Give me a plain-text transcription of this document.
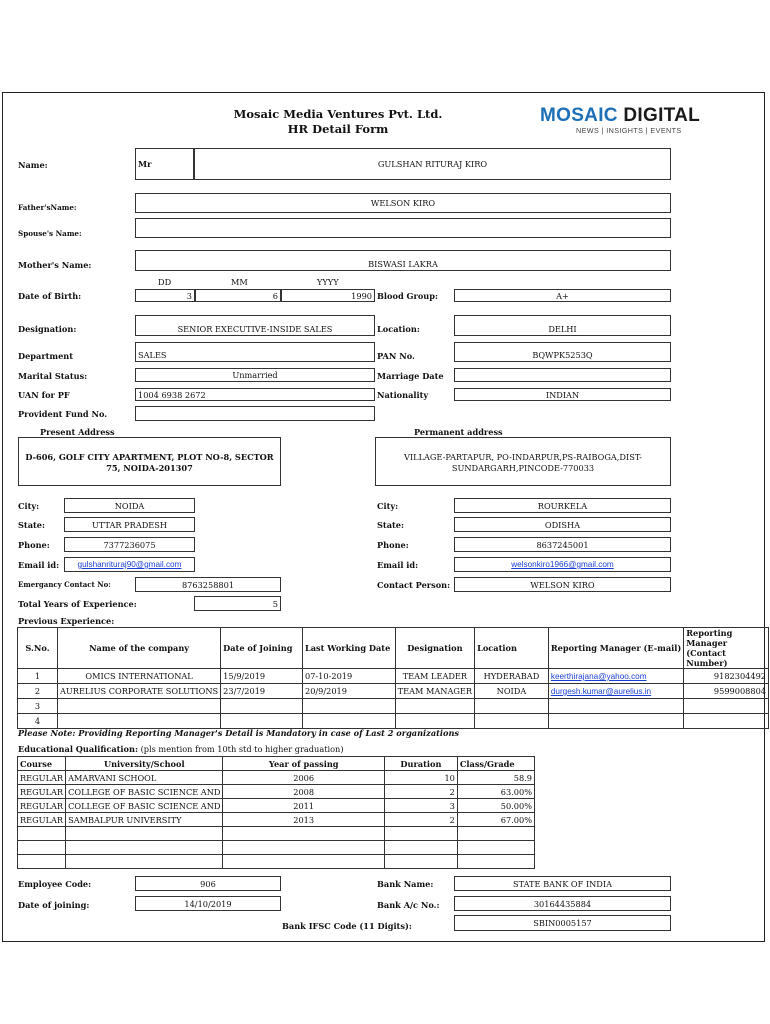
Mosaic Media Ventures Pvt. Ltd.
HR Detail Form
MOSAIC DIGITAL
NEWS | INSIGHTS | EVENTS
Name:	Mr	GULSHAN RITURAJ KIRO
Father'sName:	WELSON KIRO
Spouse's Name:
Mother's Name:	BISWASI LAKRA
DD	MM	YYYY
Date of Birth:	3	6	1990 Blood Group:	A+
Designation:	SENIOR EXECUTIVE-INSIDE SALES	Location:	DELHI
Department	SALES	PAN No.	BQWPK5253Q
Marital Status:	Unmarried	Marriage Date
UAN for PF	1004 6938 2672	Nationality	INDIAN
Provident Fund No.
Present Address	Permanent address
D-606, GOLF CITY APARTMENT, PLOT NO-8, SECTOR 75, NOIDA-201307
VILLAGE-PARTAPUR, PO-INDARPUR,PS-RAIBOGA,DIST-SUNDARGARH,PINCODE-770033
City:	NOIDA	City:	ROURKELA
State:	UTTAR PRADESH	State:	ODISHA
Phone:	7377236075	Phone:	8637245001
Email id: gulshanrituraj90@gmail.com	Email id:	welsonkiro1966@gmail.com
Emergancy Contact No:	8763258801	Contact Person:	WELSON KIRO
Total Years of Experience:	5
Previous Experience:
S.No.	Name of the company	Date of Joining	Last Working Date	Designation	Location	Reporting Manager (E-mail)	Reporting Manager (Contact Number)
1	OMICS INTERNATIONAL	15/9/2019	07-10-2019	TEAM LEADER	HYDERABAD	keerthirajana@yahoo.com	9182304492
2	AURELIUS CORPORATE SOLUTIONS	23/7/2019	20/9/2019	TEAM MANAGER	NOIDA	durgesh.kumar@aurelius.in	9599008804
3							
4							
Please Note: Providing Reporting Manager's Detail is Mandatory in case of Last 2 organizations
Educational Qualification: (pls mention from 10th std to higher graduation)
Course	University/School	Year of passing	Duration	Class/Grade
REGULAR	AMARVANI SCHOOL	2006	10	58.9
REGULAR	COLLEGE OF BASIC SCIENCE AND	2008	2	63.00%
REGULAR	COLLEGE OF BASIC SCIENCE AND	2011	3	50.00%
REGULAR	SAMBALPUR UNIVERSITY	2013	2	67.00%

Employee Code:	906	Bank Name:	STATE BANK OF INDIA
Date of joining:	14/10/2019	Bank A/c No.:	30164435884
Bank IFSC Code (11 Digits):	SBIN0005157
